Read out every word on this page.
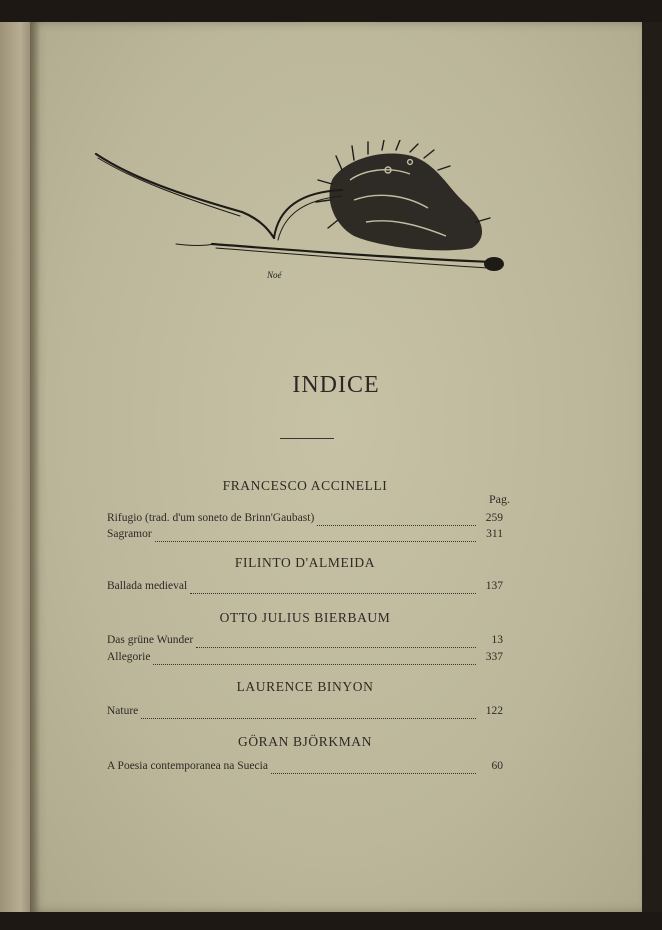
Noé
INDICE
Pag.
FRANCESCO ACCINELLI
Rifugio (trad. d'um soneto de Brinn'Gaubast)	259
Sagramor	311
FILINTO D'ALMEIDA
Ballada medieval	137
OTTO JULIUS BIERBAUM
Das grüne Wunder	13
Allegorie	337
LAURENCE BINYON
Nature	122
GÖRAN BJÖRKMAN
A Poesia contemporanea na Suecia	60
